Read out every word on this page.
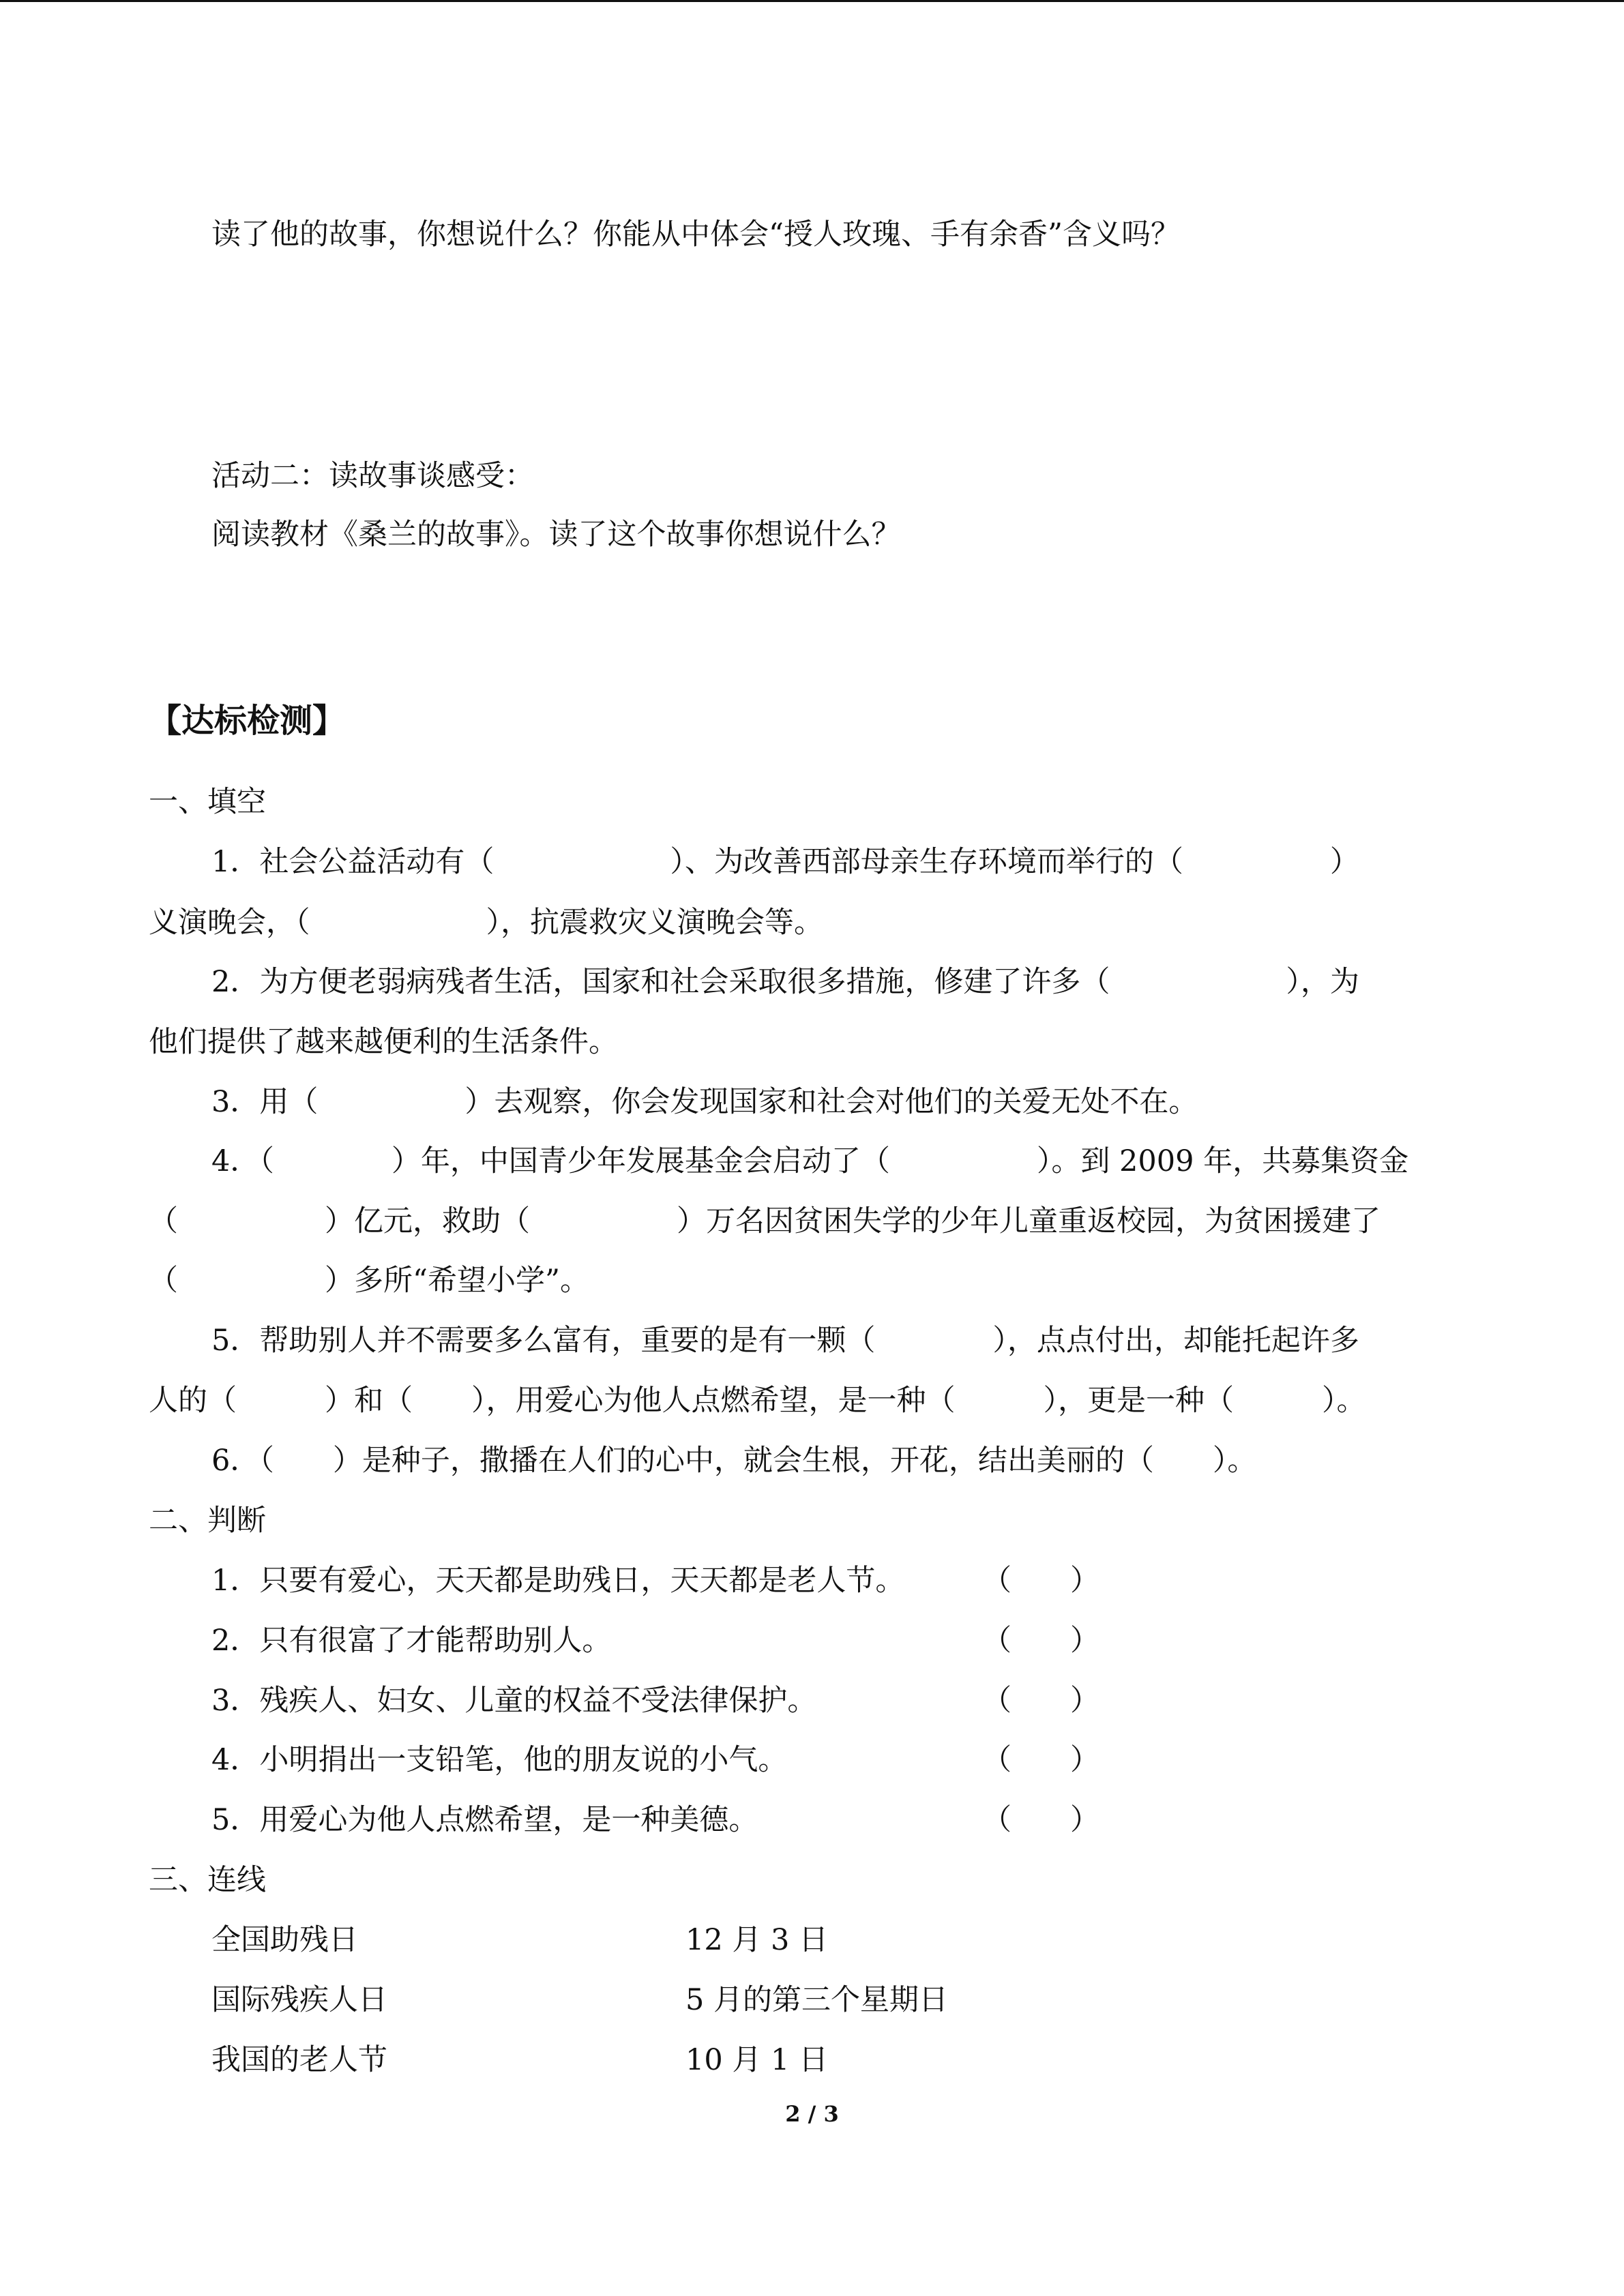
读了他的故事，你想说什么？你能从中体会“授人玫瑰、手有余香”含义吗？
活动二：读故事谈感受：
阅读教材《桑兰的故事》。读了这个故事你想说什么？
【达标检测】
一、填空
1．社会公益活动有（　　　　　　）、为改善西部母亲生存环境而举行的（　　　　　）
义演晚会，（　　　　　　），抗震救灾义演晚会等。
2．为方便老弱病残者生活，国家和社会采取很多措施，修建了许多（　　　　　　），为
他们提供了越来越便利的生活条件。
3．用（　　　　　）去观察，你会发现国家和社会对他们的关爱无处不在。
4．（　　　　）年，中国青少年发展基金会启动了（　　　　　）。到 2009 年，共募集资金
（　　　　　）亿元，救助（　　　　　）万名因贫困失学的少年儿童重返校园，为贫困援建了
（　　　　　）多所“希望小学”。
5．帮助别人并不需要多么富有，重要的是有一颗（　　　　），点点付出，却能托起许多
人的（　　　）和（　　），用爱心为他人点燃希望，是一种（　　　），更是一种（　　　）。
6．（　　）是种子，撒播在人们的心中，就会生根，开花，结出美丽的（　　）。
二、判断
1．只要有爱心，天天都是助残日，天天都是老人节。	（　　）
2．只有很富了才能帮助别人。	（　　）
3．残疾人、妇女、儿童的权益不受法律保护。	（　　）
4．小明捐出一支铅笔，他的朋友说的小气。	（　　）
5．用爱心为他人点燃希望，是一种美德。	（　　）
三、连线
全国助残日	12 月 3 日
国际残疾人日	5 月的第三个星期日
我国的老人节	10 月 1 日
2 / 3
